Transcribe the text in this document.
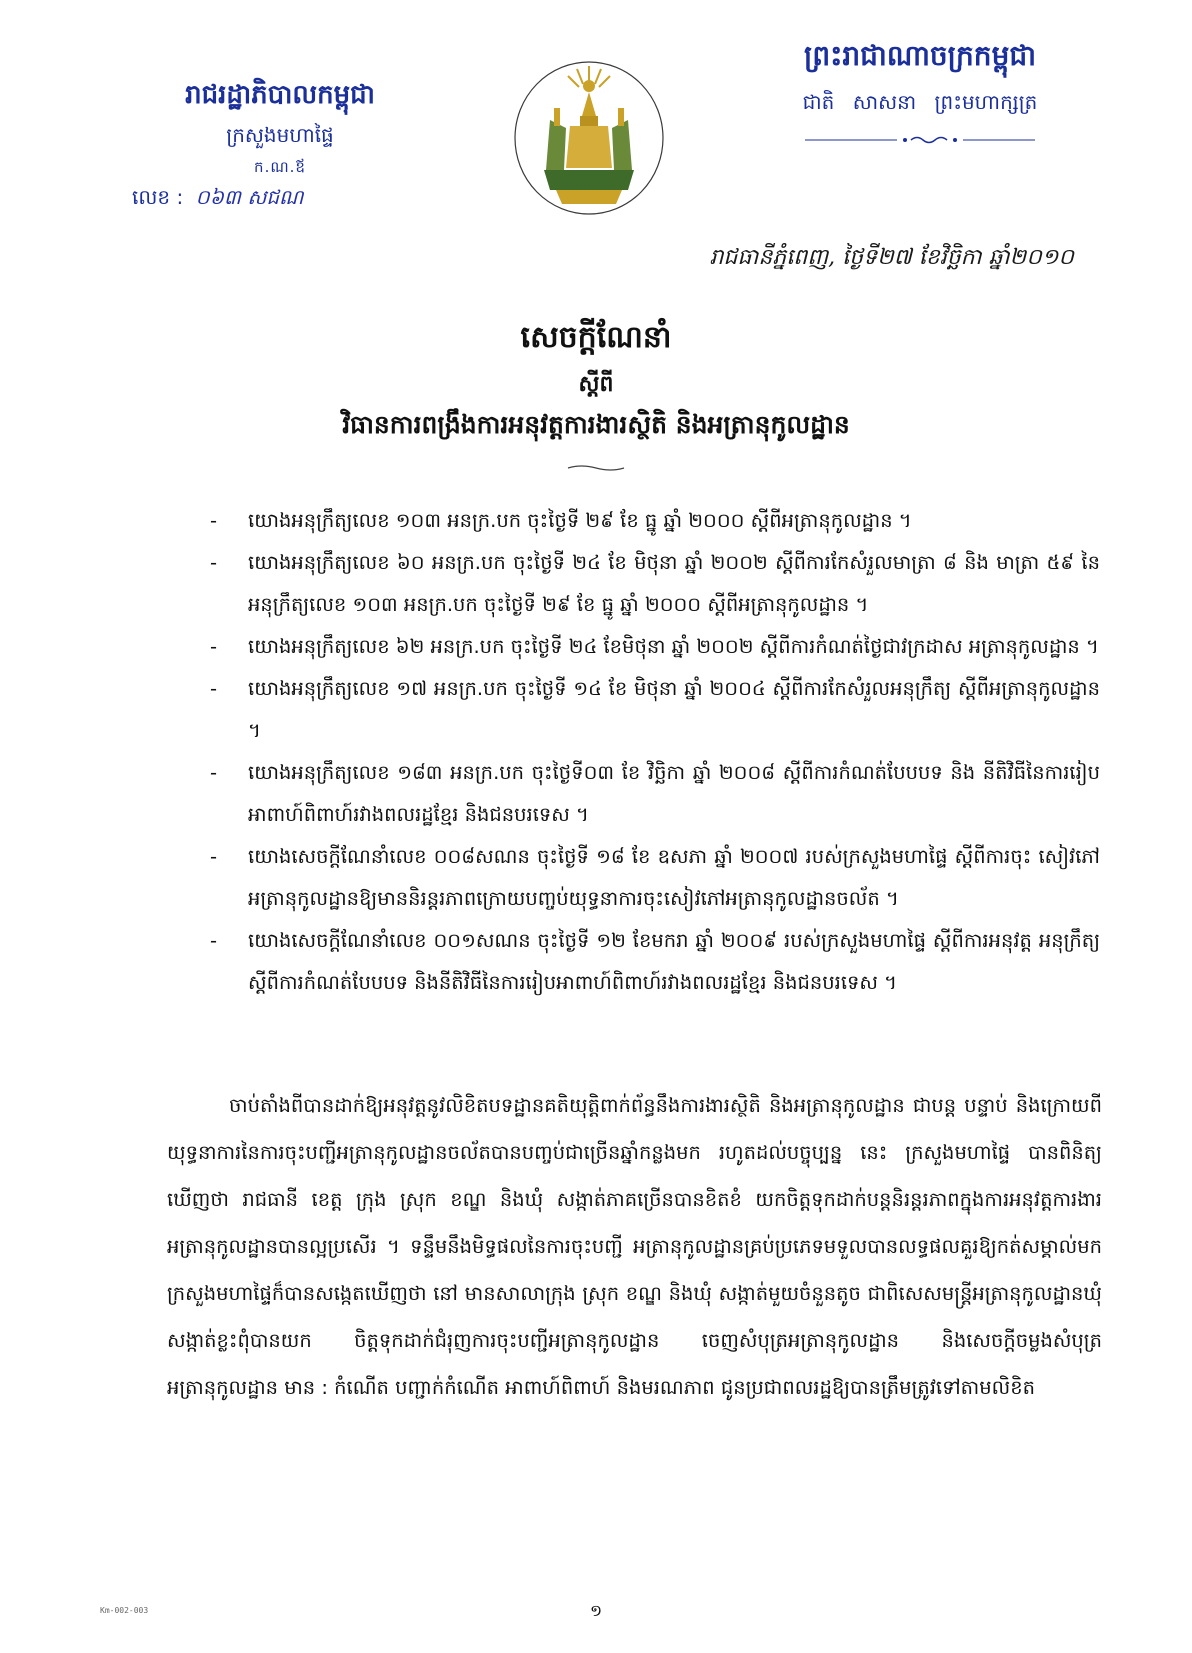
រាជរដ្ឋាភិបាលកម្ពុជា
ក្រសួងមហាផ្ទៃ
ក.ណ.ឪ
លេខ : ០៦៣ សជណ
ព្រះរាជាណាចក្រកម្ពុជា
ជាតិ សាសនា ព្រះមហាក្សត្រ
រាជធានីភ្នំពេញ, ថ្ងៃទី២៧ ខែវិច្ឆិកា ឆ្នាំ២០១០
សេចក្តីណែនាំ
ស្តីពី
វិធានការពង្រឹងការអនុវត្តការងារស្ថិតិ និងអត្រានុកូលដ្ឋាន
- យោងអនុក្រឹត្យលេខ ១០៣ អនក្រ.បក ចុះថ្ងៃទី ២៩ ខែ ធ្នូ ឆ្នាំ ២០០០ ស្តីពីអត្រានុកូលដ្ឋាន ។
- យោងអនុក្រឹត្យលេខ ៦០ អនក្រ.បក ចុះថ្ងៃទី ២៤ ខែ មិថុនា ឆ្នាំ ២០០២ ស្តីពីការកែសំរួលមាត្រា ៨ និង មាត្រា ៥៩ នៃអនុក្រឹត្យលេខ ១០៣ អនក្រ.បក ចុះថ្ងៃទី ២៩ ខែ ធ្នូ ឆ្នាំ ២០០០ ស្តីពីអត្រានុកូលដ្ឋាន ។
- យោងអនុក្រឹត្យលេខ ៦២ អនក្រ.បក ចុះថ្ងៃទី ២៤ ខែមិថុនា ឆ្នាំ ២០០២ ស្តីពីការកំណត់ថ្ងៃជាវក្រដាស អត្រានុកូលដ្ឋាន ។
- យោងអនុក្រឹត្យលេខ ១៧ អនក្រ.បក ចុះថ្ងៃទី ១៤ ខែ មិថុនា ឆ្នាំ ២០០៤ ស្តីពីការកែសំរួលអនុក្រឹត្យ ស្តីពីអត្រានុកូលដ្ឋាន ។
- យោងអនុក្រឹត្យលេខ ១៨៣ អនក្រ.បក ចុះថ្ងៃទី០៣ ខែ វិច្ឆិកា ឆ្នាំ ២០០៨ ស្តីពីការកំណត់បែបបទ និង នីតិវិធីនៃការរៀបអាពាហ៍ពិពាហ៍រវាងពលរដ្ឋខ្មែរ និងជនបរទេស ។
- យោងសេចក្តីណែនាំលេខ ០០៨សណន ចុះថ្ងៃទី ១៨ ខែ ឧសភា ឆ្នាំ ២០០៧ របស់ក្រសួងមហាផ្ទៃ ស្តីពីការចុះ សៀវភៅអត្រានុកូលដ្ឋានឱ្យមាននិរន្តរភាពក្រោយបញ្ចប់យុទ្ធនាការចុះសៀវភៅអត្រានុកូលដ្ឋានចល័ត ។
- យោងសេចក្តីណែនាំលេខ ០០១សណន ចុះថ្ងៃទី ១២ ខែមករា ឆ្នាំ ២០០៩ របស់ក្រសួងមហាផ្ទៃ ស្តីពីការអនុវត្ត អនុក្រឹត្យស្តីពីការកំណត់បែបបទ និងនីតិវិធីនៃការរៀបអាពាហ៍ពិពាហ៍រវាងពលរដ្ឋខ្មែរ និងជនបរទេស ។

ចាប់តាំងពីបានដាក់ឱ្យអនុវត្តនូវលិខិតបទដ្ឋានគតិយុត្តិពាក់ព័ន្ធនឹងការងារស្ថិតិ និងអត្រានុកូលដ្ឋាន ជាបន្ត បន្ទាប់ និងក្រោយពីយុទ្ធនាការនៃការចុះបញ្ជីអត្រានុកូលដ្ឋានចល័តបានបញ្ចប់ជាច្រើនឆ្នាំកន្លងមក រហូតដល់បច្ចុប្បន្ន នេះ ក្រសួងមហាផ្ទៃ បានពិនិត្យឃើញថា រាជធានី ខេត្ត ក្រុង ស្រុក ខណ្ឌ និងឃុំ សង្កាត់ភាគច្រើនបានខិតខំ យកចិត្តទុកដាក់បន្តនិរន្តរភាពក្នុងការអនុវត្តការងារអត្រានុកូលដ្ឋានបានល្អប្រសើរ ។ ទន្ទឹមនឹងមិទ្ធផលនៃការចុះបញ្ជី អត្រានុកូលដ្ឋានគ្រប់ប្រភេទមទួលបានលទ្ធផលគួរឱ្យកត់សម្គាល់មក ក្រសួងមហាផ្ទៃក៏បានសង្កេតឃើញថា នៅ មានសាលាក្រុង ស្រុក ខណ្ឌ និងឃុំ សង្កាត់មួយចំនួនតូច ជាពិសេសមន្ត្រីអត្រានុកូលដ្ឋានឃុំ សង្កាត់ខ្លះពុំបានយក ចិត្តទុកដាក់ជំរុញការចុះបញ្ជីអត្រានុកូលដ្ឋាន ចេញសំបុត្រអត្រានុកូលដ្ឋាន និងសេចក្តីចម្លងសំបុត្រអត្រានុកូលដ្ឋាន មាន : កំណើត បញ្ជាក់កំណើត អាពាហ៍ពិពាហ៍ និងមរណភាព ជូនប្រជាពលរដ្ឋឱ្យបានត្រឹមត្រូវទៅតាមលិខិត

Km-002-003	១
